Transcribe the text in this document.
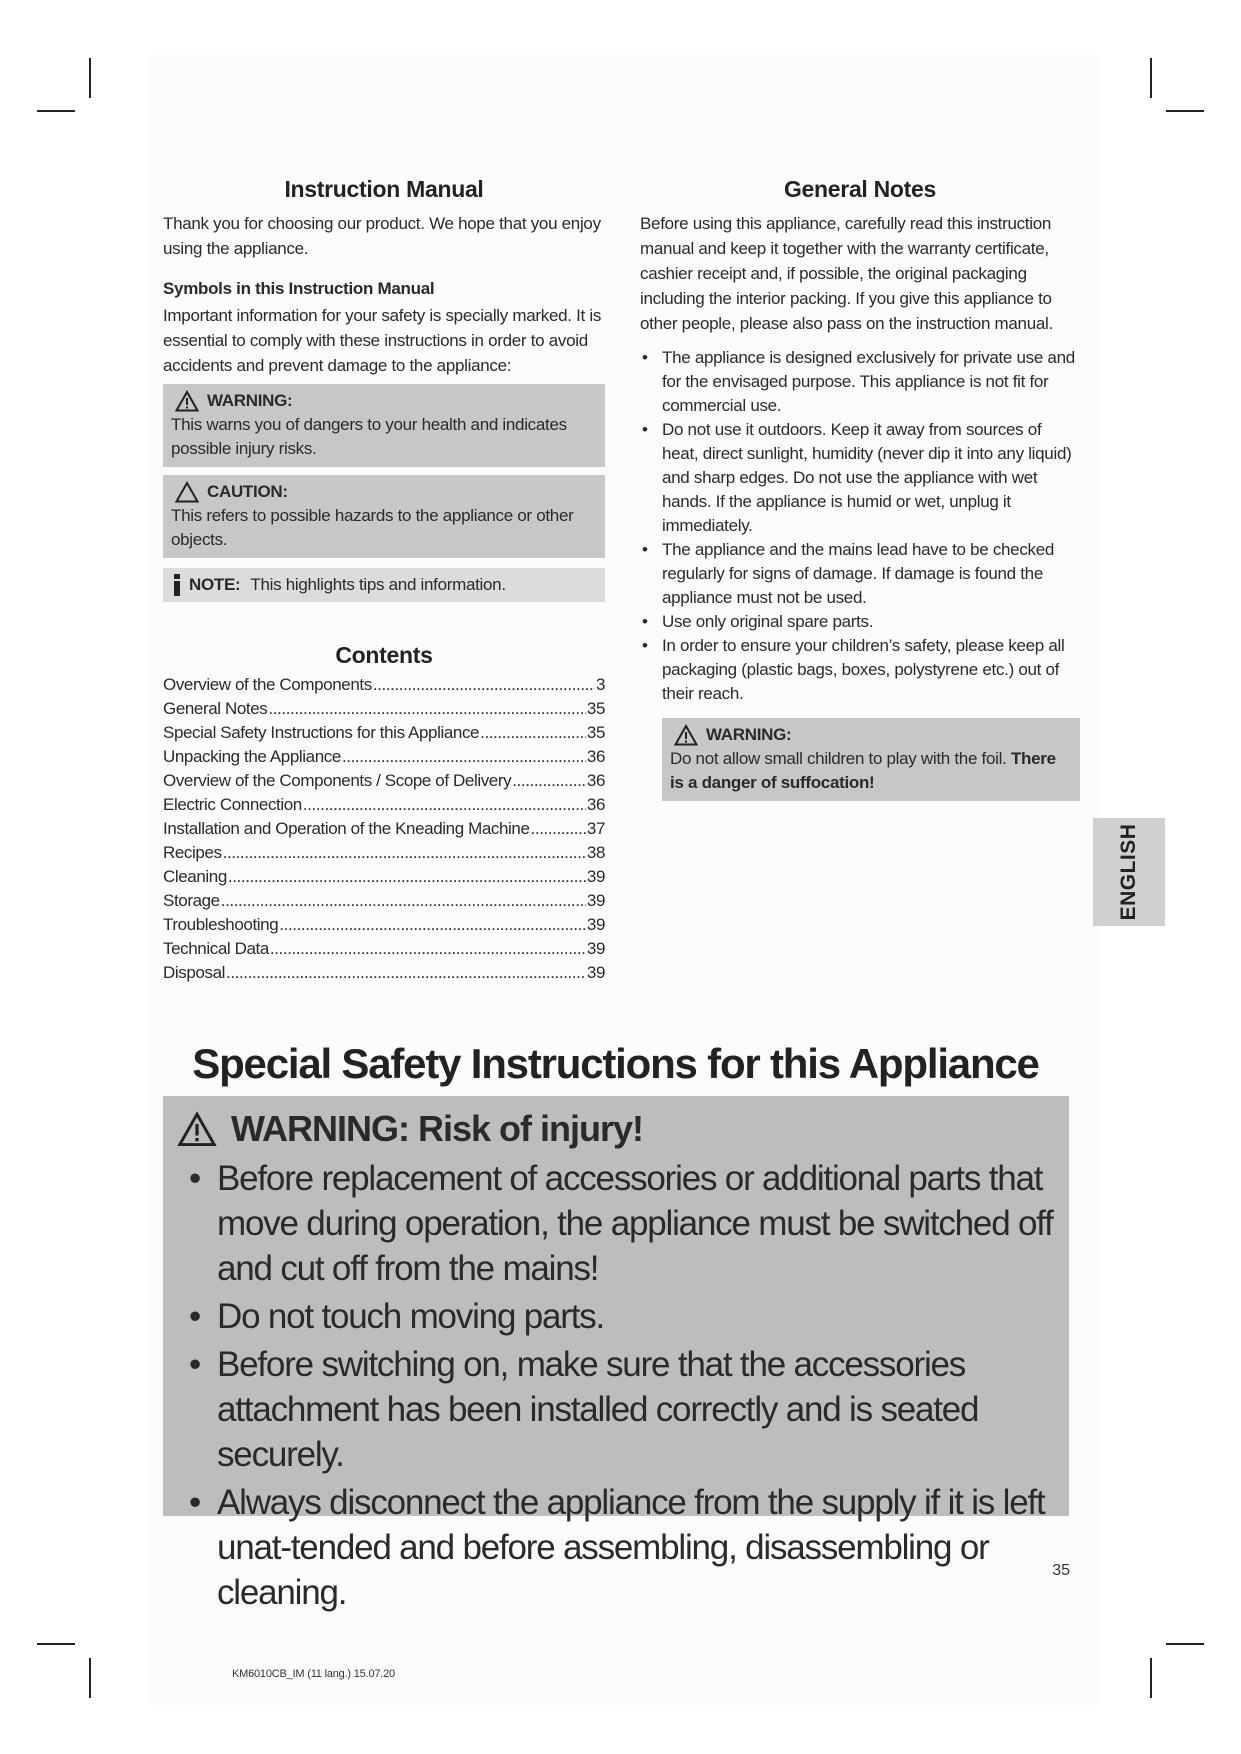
Instruction Manual

Thank you for choosing our product. We hope that you enjoy using the appliance.

Symbols in this Instruction Manual

Important information for your safety is specially marked. It is essential to comply with these instructions in order to avoid accidents and prevent damage to the appliance:

WARNING:
This warns you of dangers to your health and indicates possible injury risks.
CAUTION:
This refers to possible hazards to the appliance or other objects.
NOTE: This highlights tips and information.
Contents
Overview of the Components .....	3
General Notes .....	35
Special Safety Instructions for this Appliance .....	35
Unpacking the Appliance .....	36
Overview of the Components / Scope of Delivery .....	36
Electric Connection .....	36
Installation and Operation of the Kneading Machine .....	37
Recipes .....	38
Cleaning .....	39
Storage .....	39
Troubleshooting .....	39
Technical Data .....	39
Disposal .....	39
General Notes

Before using this appliance, carefully read this instruction manual and keep it together with the warranty certificate, cashier receipt and, if possible, the original packaging including the interior packing. If you give this appliance to other people, please also pass on the instruction manual.

• The appliance is designed exclusively for private use and for the envisaged purpose. This appliance is not fit for commercial use.
• Do not use it outdoors. Keep it away from sources of heat, direct sunlight, humidity (never dip it into any liquid) and sharp edges. Do not use the appliance with wet hands. If the appliance is humid or wet, unplug it immediately.
• The appliance and the mains lead have to be checked regularly for signs of damage. If damage is found the appliance must not be used.
• Use only original spare parts.
• In order to ensure your children’s safety, please keep all packaging (plastic bags, boxes, polystyrene etc.) out of their reach.
WARNING:
Do not allow small children to play with the foil. There is a danger of suffocation!
ENGLISH
Special Safety Instructions for this Appliance
WARNING: Risk of injury!
• Before replacement of accessories or additional parts that move during operation, the appliance must be switched off and cut off from the mains!
• Do not touch moving parts.
• Before switching on, make sure that the accessories attachment has been installed correctly and is seated securely.
• Always disconnect the appliance from the supply if it is left unat-tended and before assembling, disassembling or cleaning.
35
KM6010CB_IM (11 lang.) 15.07.20
